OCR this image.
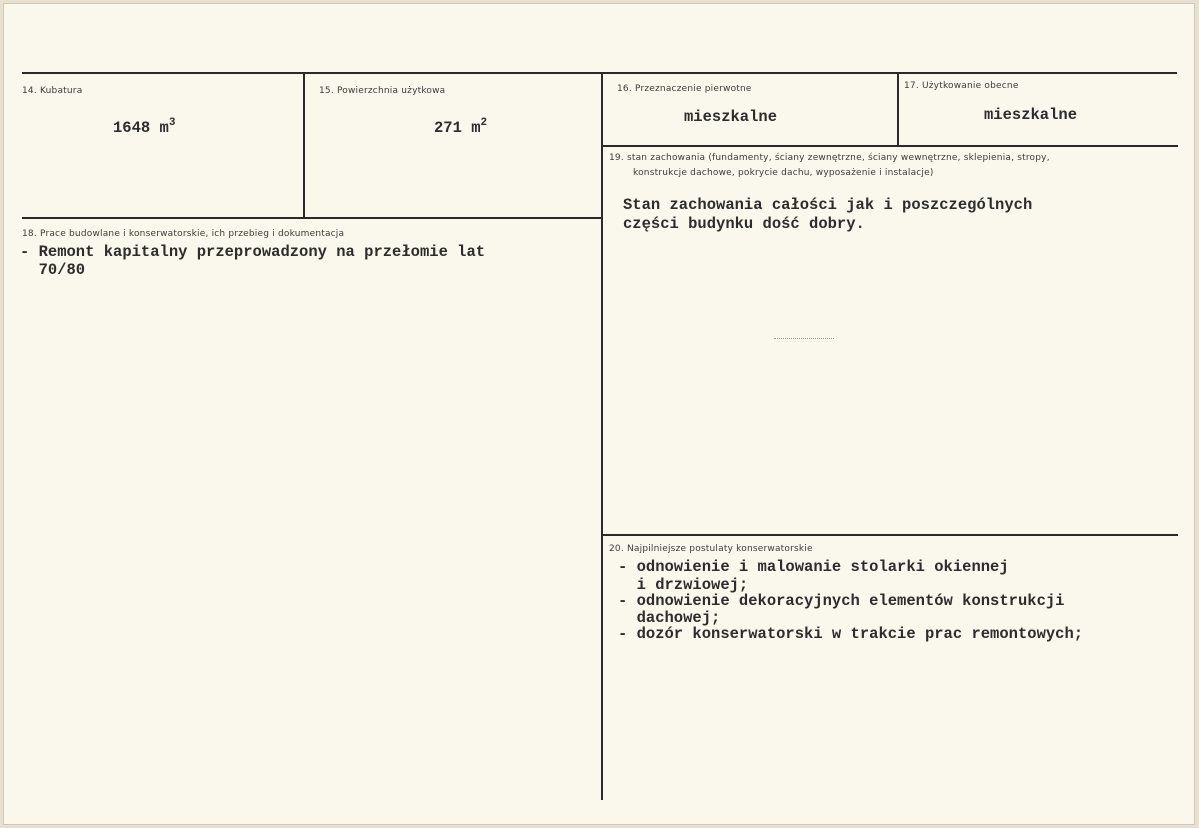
14. Kubatura
1648 $m^3$
15. Powierzchnia użytkowa
271 $m^2$
16. Przeznaczenie pierwotne
mieszkalne
17. Użytkowanie obecne
mieszkalne
18. Prace budowlane i konserwatorskie, ich przebieg i dokumentacja
- Remont kapitalny przeprowadzony na przełomie lat
70/80
19. stan zachowania (fundamenty, ściany zewnętrzne, ściany wewnętrzne, sklepienia, stropy,
konstrukcje dachowe, pokrycie dachu, wyposażenie i instalacje)
Stan zachowania całości jak i poszczególnych
części budynku dość dobry.
20. Najpilniejsze postulaty konserwatorskie
- odnowienie i malowanie stolarki okiennej
i drzwiowej;
- odnowienie dekoracyjnych elementów konstrukcji
dachowej;
- dozór konserwatorski w trakcie prac remontowych;
